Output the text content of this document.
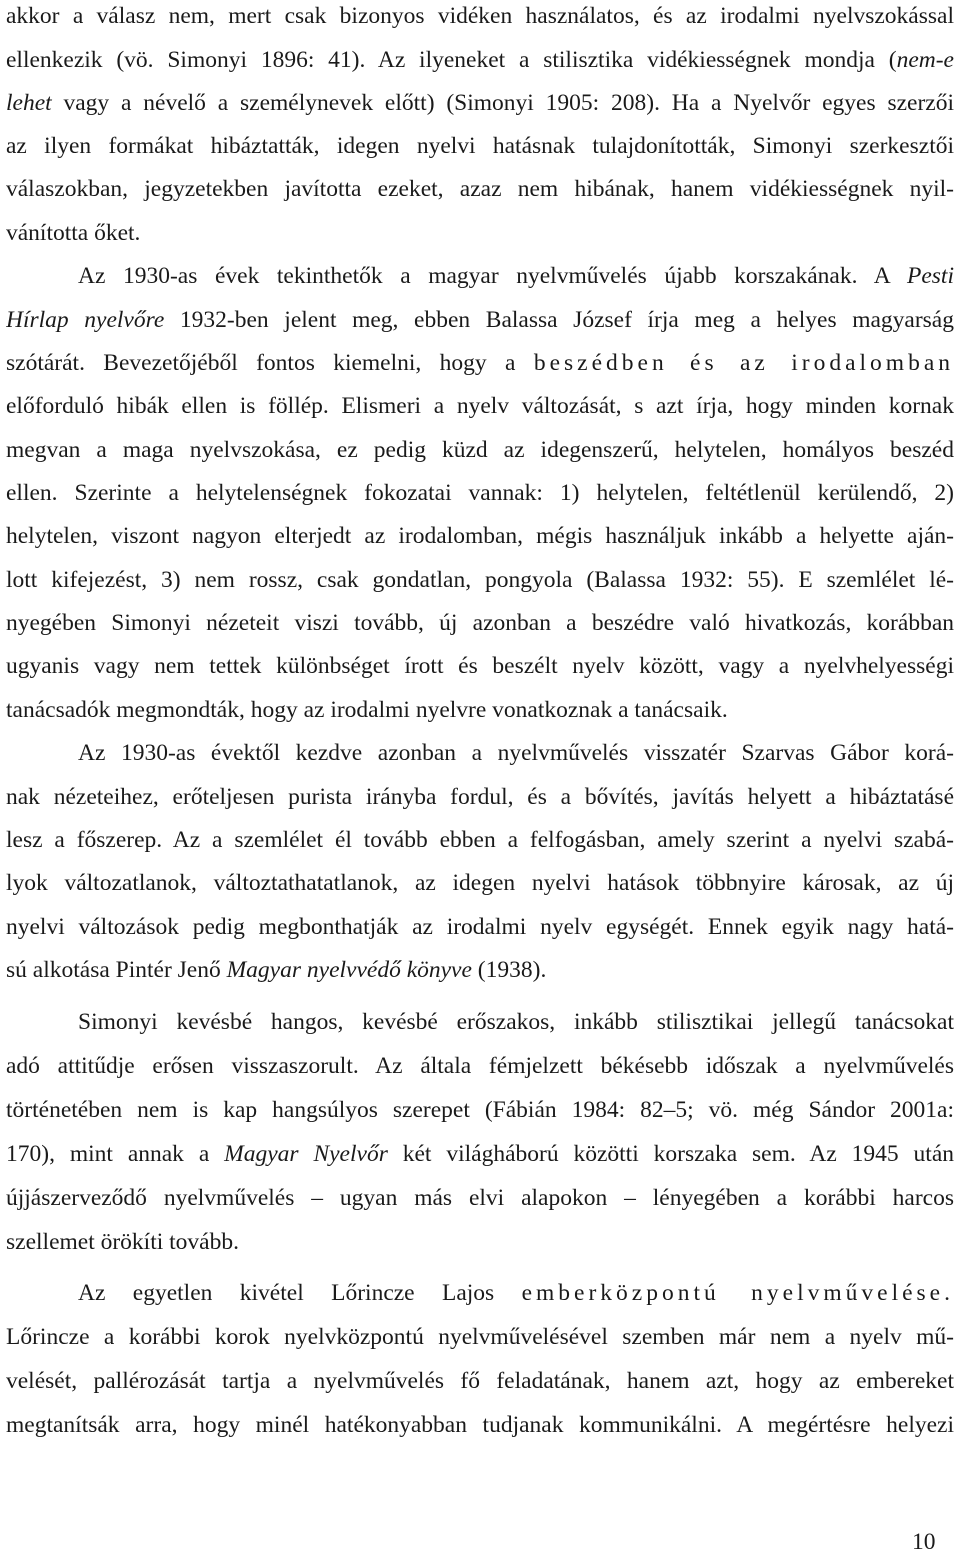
akkor a válasz nem, mert csak bizonyos vidéken használatos, és az irodalmi nyelvszokással
ellenkezik (vö. Simonyi 1896: 41). Az ilyeneket a stilisztika vidékiességnek mondja (nem-e
lehet vagy a névelő a személynevek előtt) (Simonyi 1905: 208). Ha a Nyelvőr egyes szerzői
az ilyen formákat hibáztatták, idegen nyelvi hatásnak tulajdonították, Simonyi szerkesztői
válaszokban, jegyzetekben javította ezeket, azaz nem hibának, hanem vidékiességnek nyil-
vánította őket.
Az 1930-as évek tekinthetők a magyar nyelvművelés újabb korszakának. A Pesti
Hírlap nyelvőre 1932-ben jelent meg, ebben Balassa József írja meg a helyes magyarság
szótárát. Bevezetőjéből fontos kiemelni, hogy a beszédben és az irodalomban
előforduló hibák ellen is föllép. Elismeri a nyelv változását, s azt írja, hogy minden kornak
megvan a maga nyelvszokása, ez pedig küzd az idegenszerű, helytelen, homályos beszéd
ellen. Szerinte a helytelenségnek fokozatai vannak: 1) helytelen, feltétlenül kerülendő, 2)
helytelen, viszont nagyon elterjedt az irodalomban, mégis használjuk inkább a helyette aján-
lott kifejezést, 3) nem rossz, csak gondatlan, pongyola (Balassa 1932: 55). E szemlélet lé-
nyegében Simonyi nézeteit viszi tovább, új azonban a beszédre való hivatkozás, korábban
ugyanis vagy nem tettek különbséget írott és beszélt nyelv között, vagy a nyelvhelyességi
tanácsadók megmondták, hogy az irodalmi nyelvre vonatkoznak a tanácsaik.
Az 1930-as évektől kezdve azonban a nyelvművelés visszatér Szarvas Gábor korá-
nak nézeteihez, erőteljesen purista irányba fordul, és a bővítés, javítás helyett a hibáztatásé
lesz a főszerep. Az a szemlélet él tovább ebben a felfogásban, amely szerint a nyelvi szabá-
lyok változatlanok, változtathatatlanok, az idegen nyelvi hatások többnyire károsak, az új
nyelvi változások pedig megbonthatják az irodalmi nyelv egységét. Ennek egyik nagy hatá-
sú alkotása Pintér Jenő Magyar nyelvvédő könyve (1938).
Simonyi kevésbé hangos, kevésbé erőszakos, inkább stilisztikai jellegű tanácsokat
adó attitűdje erősen visszaszorult. Az általa fémjelzett békésebb időszak a nyelvművelés
történetében nem is kap hangsúlyos szerepet (Fábián 1984: 82–5; vö. még Sándor 2001a:
170), mint annak a Magyar Nyelvőr két világháború közötti korszaka sem. Az 1945 után
újjászerveződő nyelvművelés – ugyan más elvi alapokon – lényegében a korábbi harcos
szellemet örökíti tovább.
Az egyetlen kivétel Lőrincze Lajos emberközpontú nyelvművelése.
Lőrincze a korábbi korok nyelvközpontú nyelvművelésével szemben már nem a nyelv mű-
velését, pallérozását tartja a nyelvművelés fő feladatának, hanem azt, hogy az embereket
megtanítsák arra, hogy minél hatékonyabban tudjanak kommunikálni. A megértésre helyezi
10
